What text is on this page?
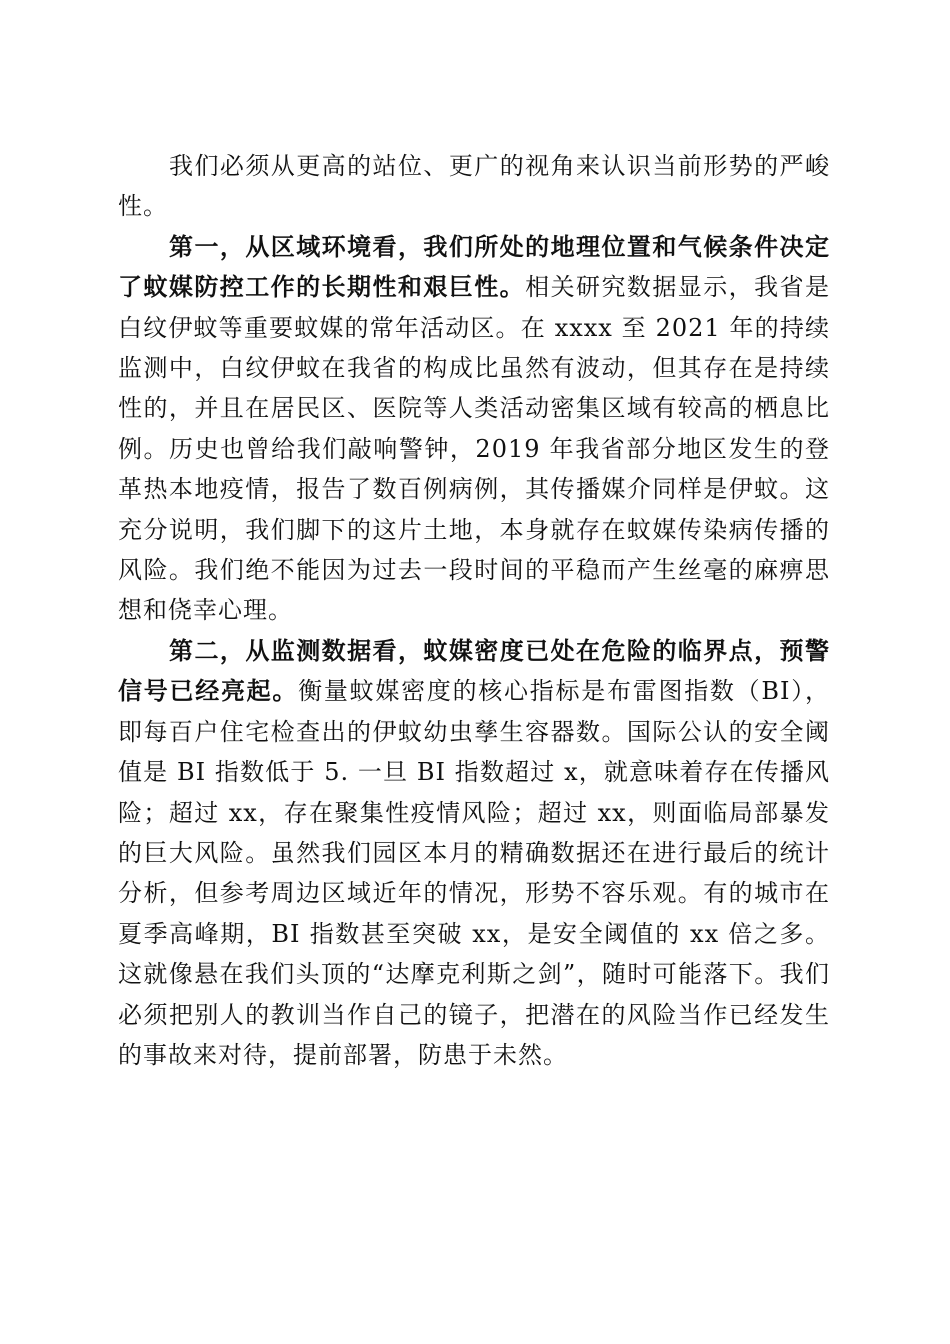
我们必须从更高的站位、更广的视角来认识当前形势的严峻性。

第一，从区域环境看，我们所处的地理位置和气候条件决定了蚊媒防控工作的长期性和艰巨性。相关研究数据显示，我省是白纹伊蚊等重要蚊媒的常年活动区。在 xxxx 至 2021 年的持续监测中，白纹伊蚊在我省的构成比虽然有波动，但其存在是持续性的，并且在居民区、医院等人类活动密集区域有较高的栖息比例。历史也曾给我们敲响警钟，2019 年我省部分地区发生的登革热本地疫情，报告了数百例病例，其传播媒介同样是伊蚊。这充分说明，我们脚下的这片土地，本身就存在蚊媒传染病传播的风险。我们绝不能因为过去一段时间的平稳而产生丝毫的麻痹思想和侥幸心理。

第二，从监测数据看，蚊媒密度已处在危险的临界点，预警信号已经亮起。衡量蚊媒密度的核心指标是布雷图指数（BI），即每百户住宅检查出的伊蚊幼虫孳生容器数。国际公认的安全阈值是 BI 指数低于 5. 一旦 BI 指数超过 x，就意味着存在传播风险；超过 xx，存在聚集性疫情风险；超过 xx，则面临局部暴发的巨大风险。虽然我们园区本月的精确数据还在进行最后的统计分析，但参考周边区域近年的情况，形势不容乐观。有的城市在夏季高峰期，BI 指数甚至突破 xx，是安全阈值的 xx 倍之多。这就像悬在我们头顶的“达摩克利斯之剑”，随时可能落下。我们必须把别人的教训当作自己的镜子，把潜在的风险当作已经发生的事故来对待，提前部署，防患于未然。
